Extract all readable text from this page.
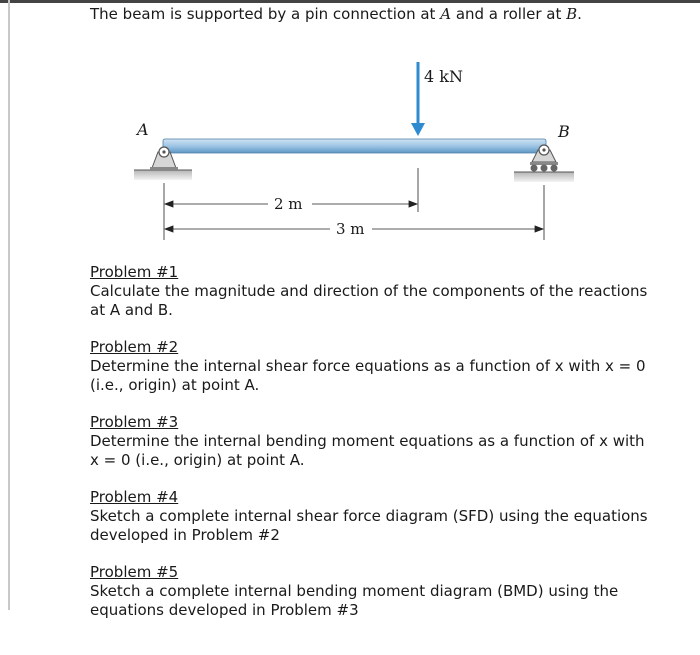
The beam is supported by a pin connection at A and a roller at B.
4 kN
A	B
2 m
3 m
Problem #1
Calculate the magnitude and direction of the components of the reactions at A and B.
Problem #2
Determine the internal shear force equations as a function of x with x = 0 (i.e., origin) at point A.
Problem #3
Determine the internal bending moment equations as a function of x with x = 0 (i.e., origin) at point A.
Problem #4
Sketch a complete internal shear force diagram (SFD) using the equations developed in Problem #2
Problem #5
Sketch a complete internal bending moment diagram (BMD) using the equations developed in Problem #3
